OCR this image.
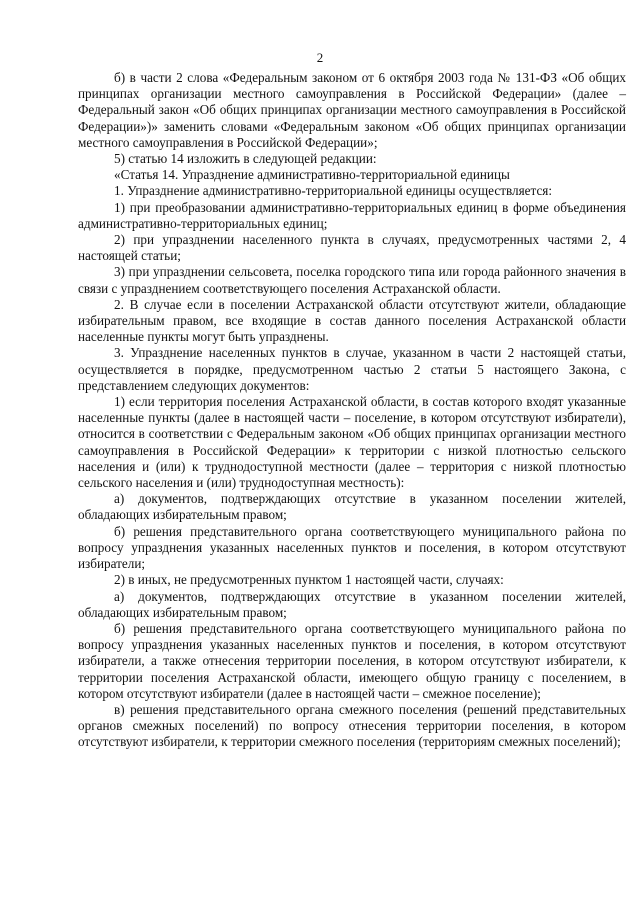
2

б) в части 2 слова «Федеральным законом от 6 октября 2003 года № 131-ФЗ «Об общих принципах организации местного самоуправления в Российской Федерации» (далее – Федеральный закон «Об общих принципах организации местного самоуправления в Российской Федерации»)» заменить словами «Федеральным законом «Об общих принципах организации местного самоуправления в Российской Федерации»;

5) статью 14 изложить в следующей редакции:

«Статья 14. Упразднение административно-территориальной единицы

1. Упразднение административно-территориальной единицы осуществляется:

1) при преобразовании административно-территориальных единиц в форме объединения административно-территориальных единиц;

2) при упразднении населенного пункта в случаях, предусмотренных частями 2, 4 настоящей статьи;

3) при упразднении сельсовета, поселка городского типа или города районного значения в связи с упразднением соответствующего поселения Астраханской области.

2. В случае если в поселении Астраханской области отсутствуют жители, обладающие избирательным правом, все входящие в состав данного поселения Астраханской области населенные пункты могут быть упразднены.

3. Упразднение населенных пунктов в случае, указанном в части 2 настоящей статьи, осуществляется в порядке, предусмотренном частью 2 статьи 5 настоящего Закона, с представлением следующих документов:

1) если территория поселения Астраханской области, в состав которого входят указанные населенные пункты (далее в настоящей части – поселение, в котором отсутствуют избиратели), относится в соответствии с Федеральным законом «Об общих принципах организации местного самоуправления в Российской Федерации» к территории с низкой плотностью сельского населения и (или) к труднодоступной местности (далее – территория с низкой плотностью сельского населения и (или) труднодоступная местность):

а) документов, подтверждающих отсутствие в указанном поселении жителей, обладающих избирательным правом;

б) решения представительного органа соответствующего муниципального района по вопросу упразднения указанных населенных пунктов и поселения, в котором отсутствуют избиратели;

2) в иных, не предусмотренных пунктом 1 настоящей части, случаях:

а) документов, подтверждающих отсутствие в указанном поселении жителей, обладающих избирательным правом;

б) решения представительного органа соответствующего муниципального района по вопросу упразднения указанных населенных пунктов и поселения, в котором отсутствуют избиратели, а также отнесения территории поселения, в котором отсутствуют избиратели, к территории поселения Астраханской области, имеющего общую границу с поселением, в котором отсутствуют избиратели (далее в настоящей части – смежное поселение);

в) решения представительного органа смежного поселения (решений представительных органов смежных поселений) по вопросу отнесения территории поселения, в котором отсутствуют избиратели, к территории смежного поселения (территориям смежных поселений);
